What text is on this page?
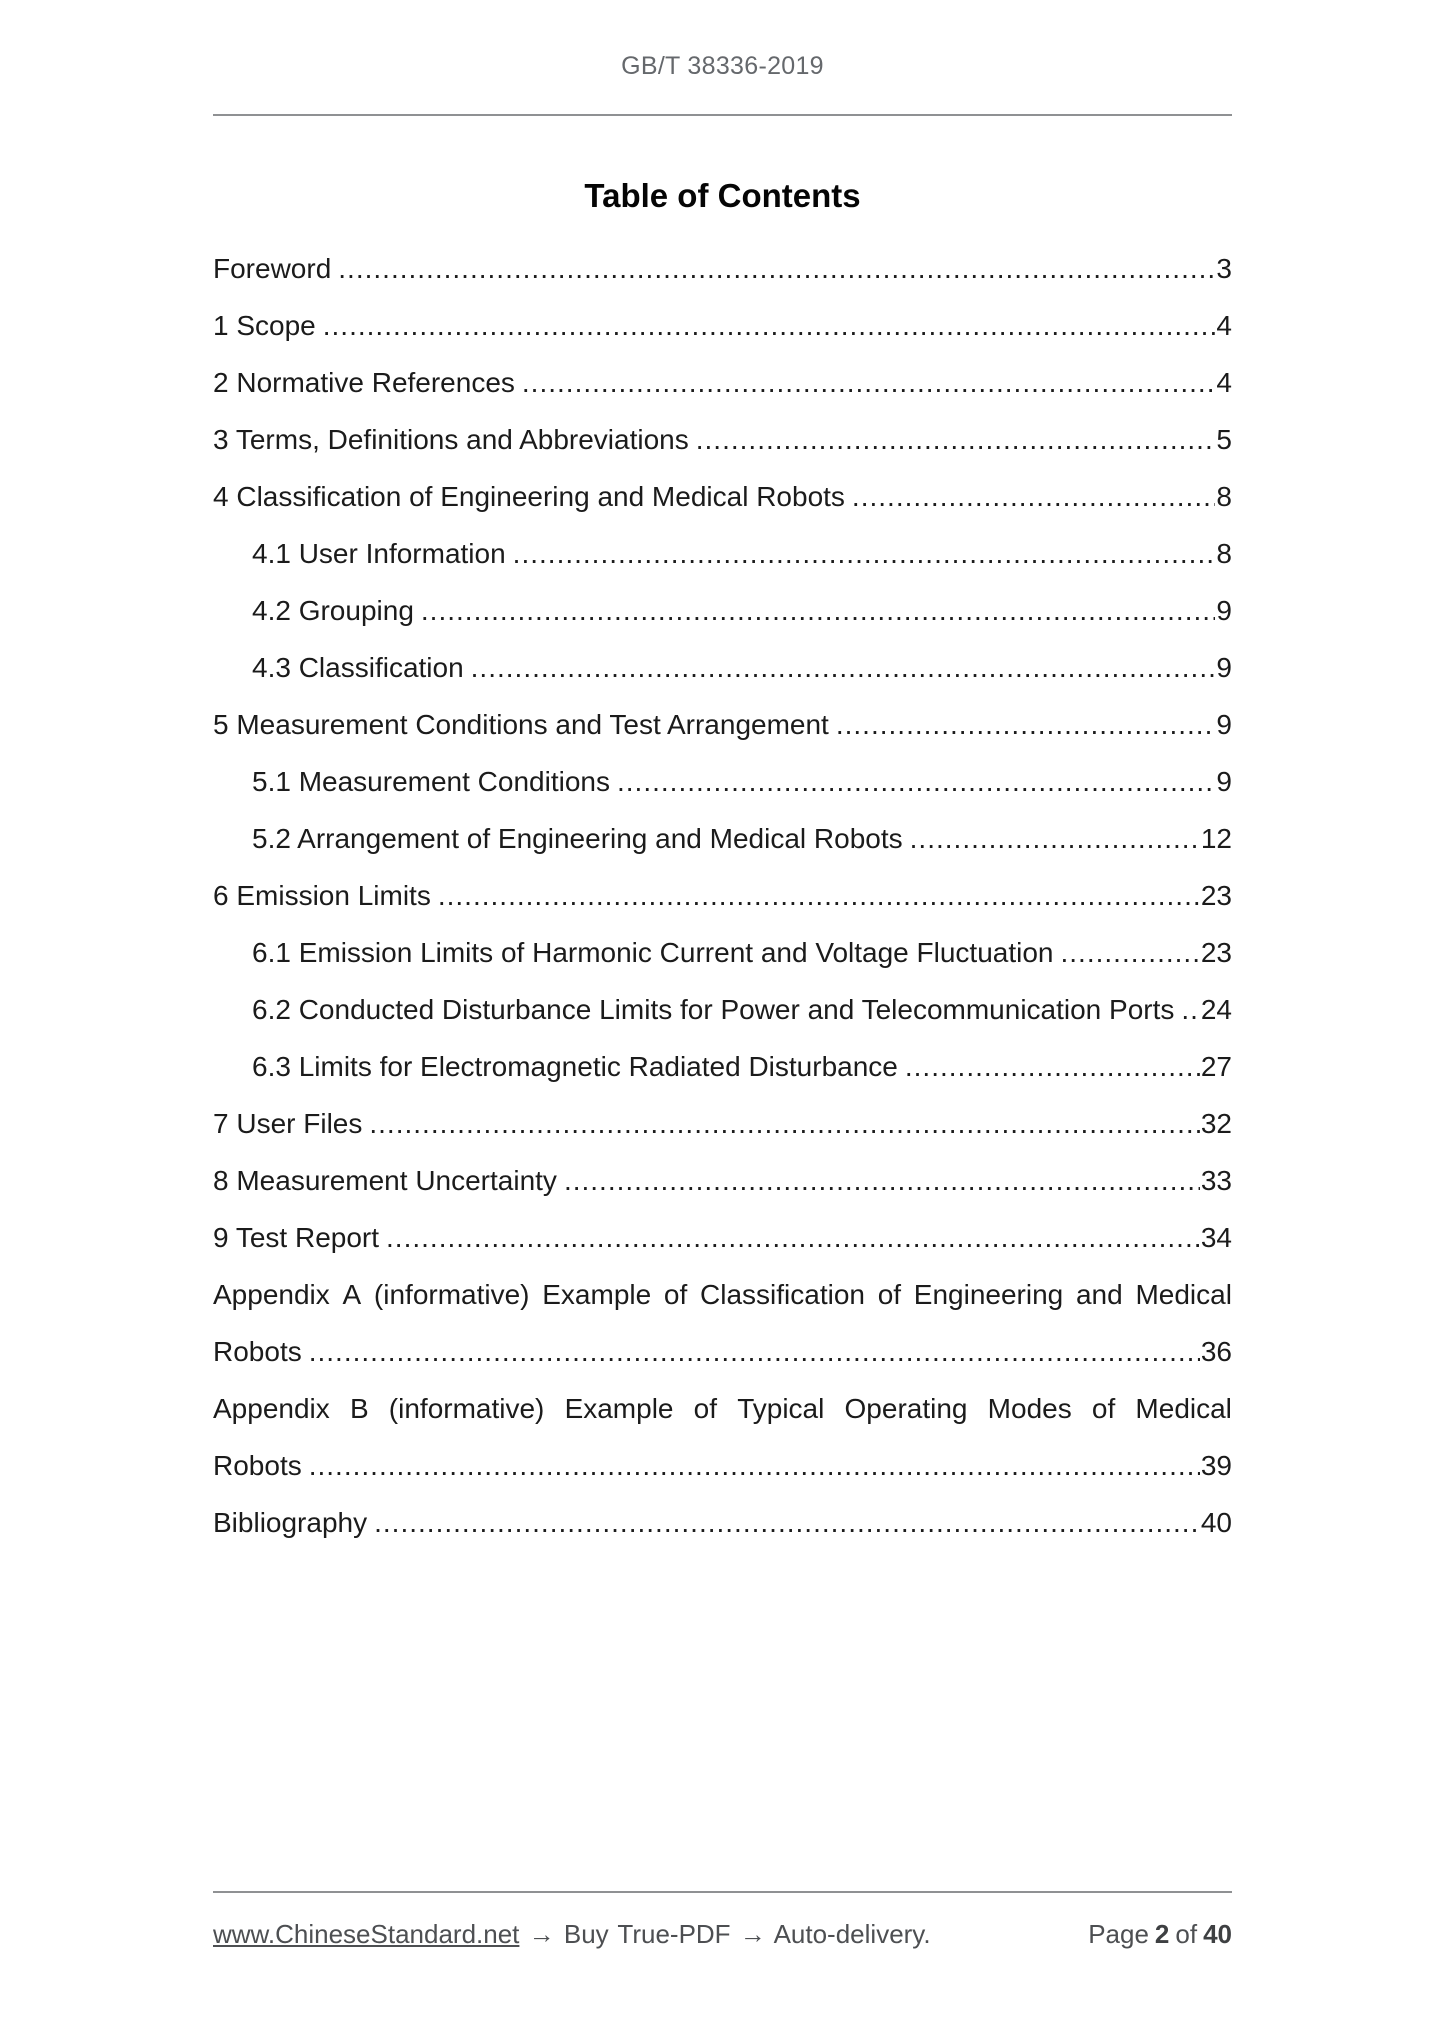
GB/T 38336-2019
Table of Contents
Foreword .....	3
1 Scope .....	4
2 Normative References .....	4
3 Terms, Definitions and Abbreviations .....	5
4 Classification of Engineering and Medical Robots .....	8
4.1 User Information .....	8
4.2 Grouping .....	9
4.3 Classification .....	9
5 Measurement Conditions and Test Arrangement .....	9
5.1 Measurement Conditions .....	9
5.2 Arrangement of Engineering and Medical Robots .....	12
6 Emission Limits .....	23
6.1 Emission Limits of Harmonic Current and Voltage Fluctuation .....	23
6.2 Conducted Disturbance Limits for Power and Telecommunication Ports ..... 24
6.3 Limits for Electromagnetic Radiated Disturbance .....	27
7 User Files .....	32
8 Measurement Uncertainty .....	33
9 Test Report .....	34
Appendix A (informative) Example of Classification of Engineering and Medical
Robots .....	36
Appendix B (informative) Example of Typical Operating Modes of Medical
Robots .....	39
Bibliography .....	40
www.ChineseStandard.net → Buy True-PDF → Auto-delivery.	Page 2 of 40
